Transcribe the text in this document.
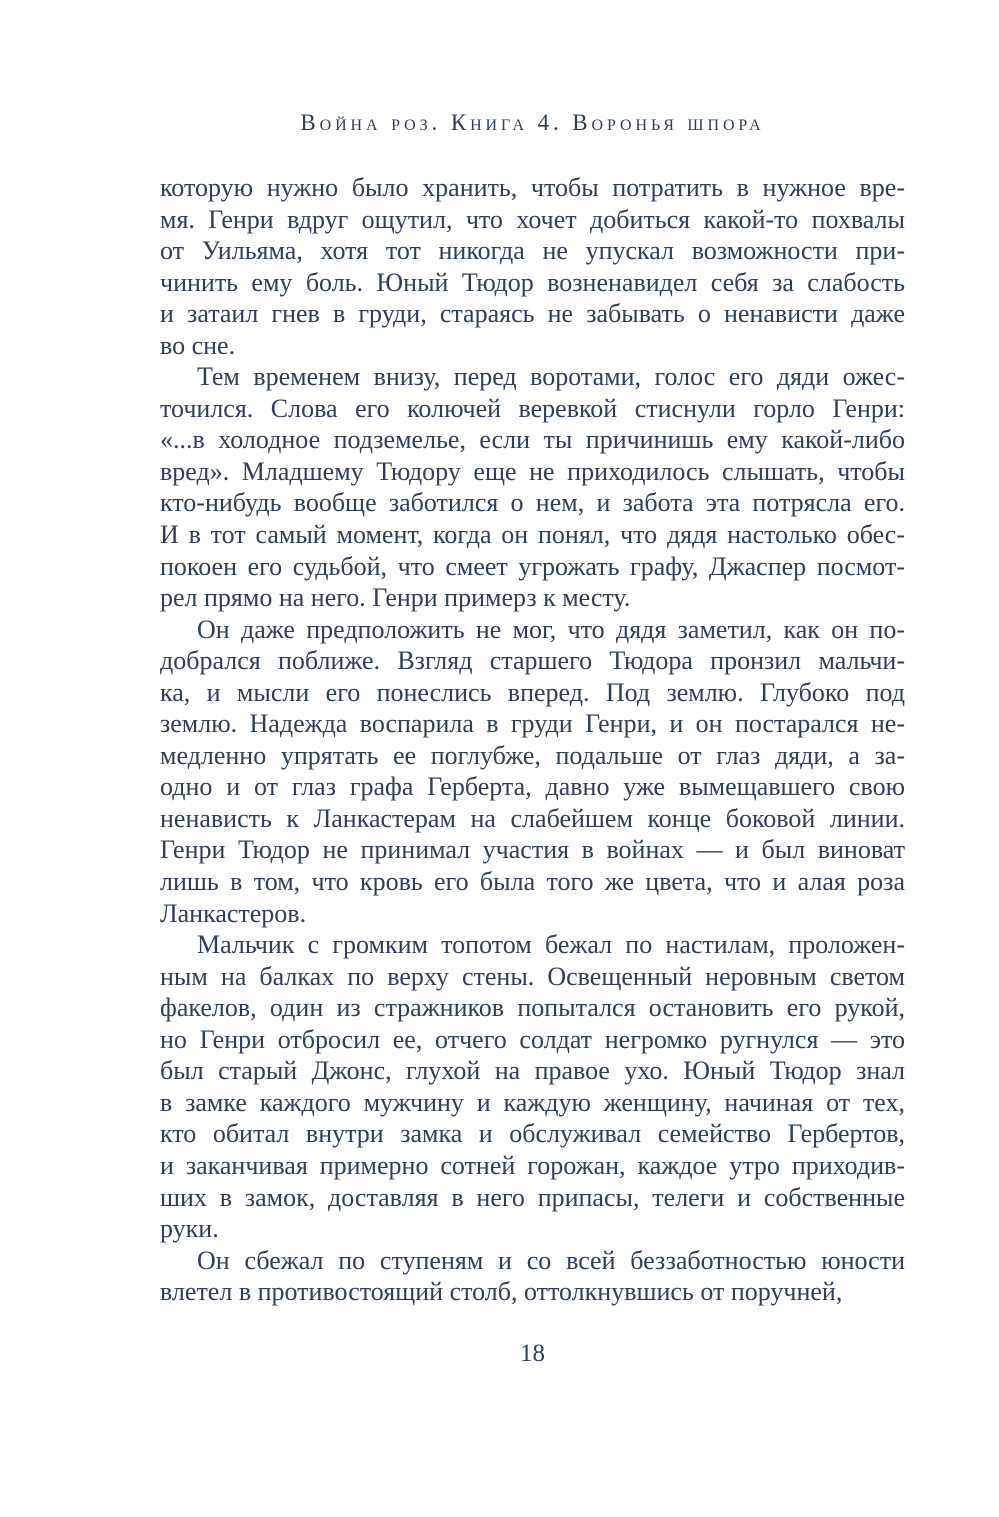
Война роз. Книга 4. Воронья шпора
которую нужно было хранить, чтобы потратить в нужное вре-
мя. Генри вдруг ощутил, что хочет добиться какой-то похвалы
от Уильяма, хотя тот никогда не упускал возможности при-
чинить ему боль. Юный Тюдор возненавидел себя за слабость
и затаил гнев в груди, стараясь не забывать о ненависти даже
во сне.
Тем временем внизу, перед воротами, голос его дяди ожес-
точился. Слова его колючей веревкой стиснули горло Генри:
«...в холодное подземелье, если ты причинишь ему какой-либо
вред». Младшему Тюдору еще не приходилось слышать, чтобы
кто-нибудь вообще заботился о нем, и забота эта потрясла его.
И в тот самый момент, когда он понял, что дядя настолько обес-
покоен его судьбой, что смеет угрожать графу, Джаспер посмот-
рел прямо на него. Генри примерз к месту.
Он даже предположить не мог, что дядя заметил, как он по-
добрался поближе. Взгляд старшего Тюдора пронзил мальчи-
ка, и мысли его понеслись вперед. Под землю. Глубоко под
землю. Надежда воспарила в груди Генри, и он постарался не-
медленно упрятать ее поглубже, подальше от глаз дяди, а за-
одно и от глаз графа Герберта, давно уже вымещавшего свою
ненависть к Ланкастерам на слабейшем конце боковой линии.
Генри Тюдор не принимал участия в войнах — и был виноват
лишь в том, что кровь его была того же цвета, что и алая роза
Ланкастеров.
Мальчик с громким топотом бежал по настилам, проложен-
ным на балках по верху стены. Освещенный неровным светом
факелов, один из стражников попытался остановить его рукой,
но Генри отбросил ее, отчего солдат негромко ругнулся — это
был старый Джонс, глухой на правое ухо. Юный Тюдор знал
в замке каждого мужчину и каждую женщину, начиная от тех,
кто обитал внутри замка и обслуживал семейство Гербертов,
и заканчивая примерно сотней горожан, каждое утро приходив-
ших в замок, доставляя в него припасы, телеги и собственные
руки.
Он сбежал по ступеням и со всей беззаботностью юности
влетел в противостоящий столб, оттолкнувшись от поручней,
18
